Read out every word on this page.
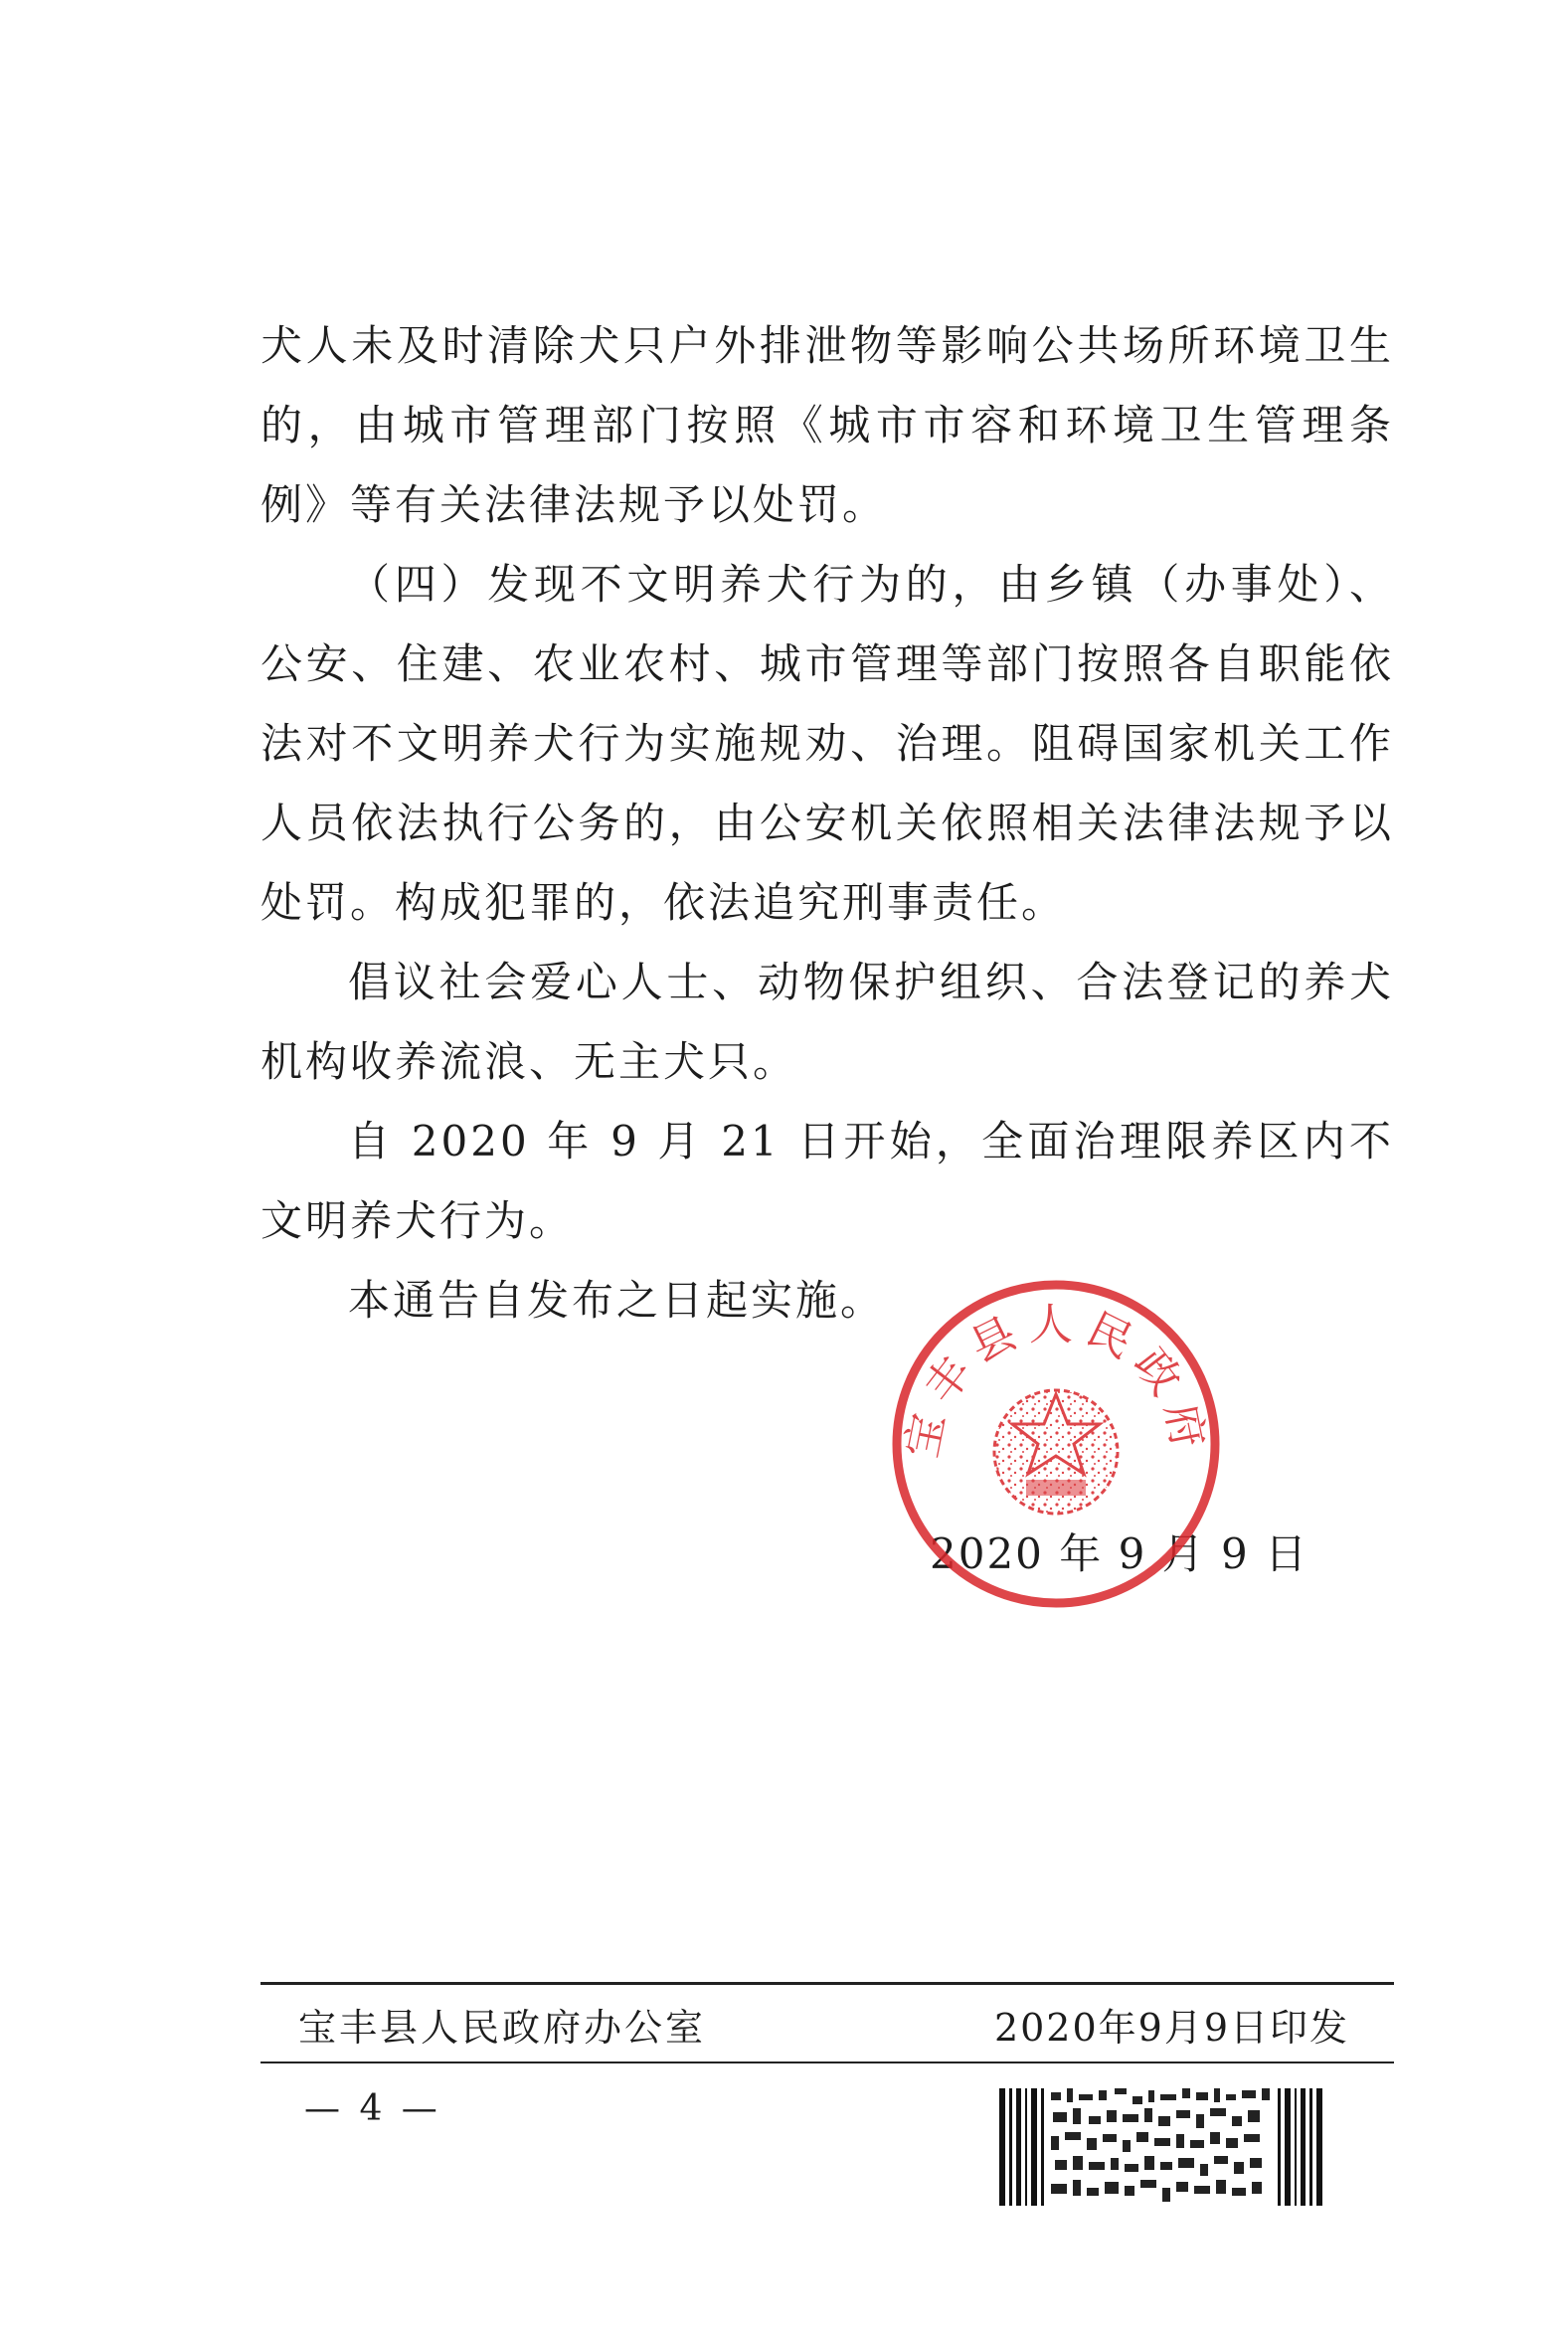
犬人未及时清除犬只户外排泄物等影响公共场所环境卫生的，由城市管理部门按照《城市市容和环境卫生管理条例》等有关法律法规予以处罚。

（四）发现不文明养犬行为的，由乡镇（办事处）、公安、住建、农业农村、城市管理等部门按照各自职能依法对不文明养犬行为实施规劝、治理。阻碍国家机关工作人员依法执行公务的，由公安机关依照相关法律法规予以处罚。构成犯罪的，依法追究刑事责任。

倡议社会爱心人士、动物保护组织、合法登记的养犬机构收养流浪、无主犬只。

自 2020 年 9 月 21 日开始，全面治理限养区内不文明养犬行为。

本通告自发布之日起实施。

2020 年 9 月 9 日
宝丰县人民政府
宝丰县人民政府办公室	2020年9月9日印发
— 4 —
